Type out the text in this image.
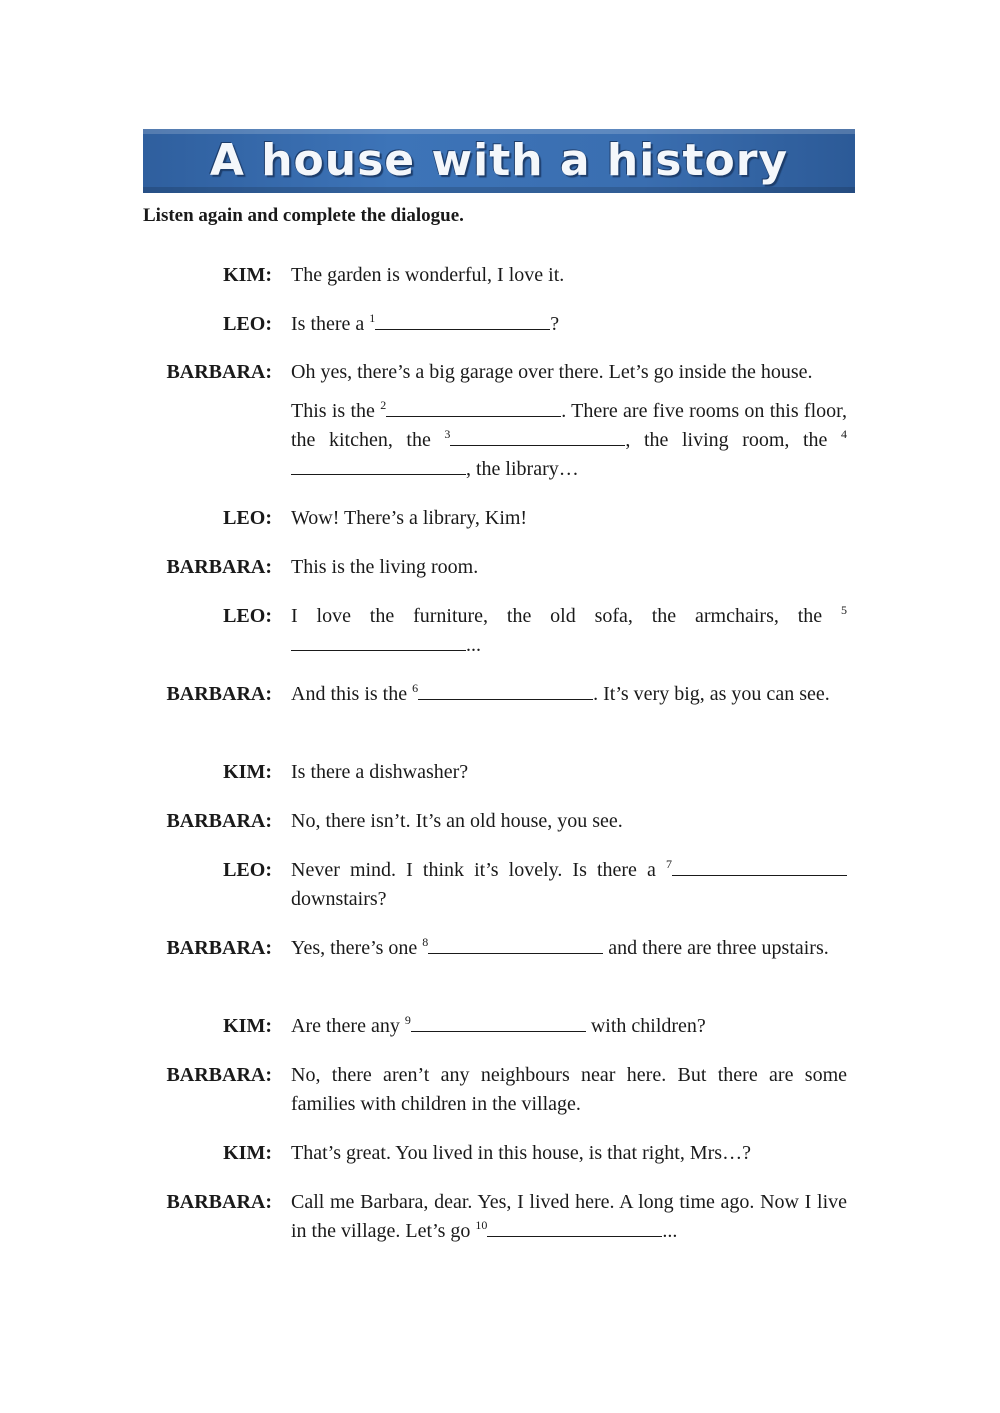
A house with a history
Listen again and complete the dialogue.
KIM: The garden is wonderful, I love it.
LEO: Is there a $^1$	?
BARBARA: Oh yes, there’s a big garage over there. Let’s go inside the house.
This is the $^2$	. There are five rooms on this floor, the kitchen, the $^3$	, the living room, the $^4$, the library…
LEO: Wow! There’s a library, Kim!
BARBARA: This is the living room.
LEO: I love the furniture, the old sofa, the armchairs, the $^5$...
BARBARA: And this is the $^6$	. It’s very big, as you can see.
KIM: Is there a dishwasher?
BARBARA: No, there isn’t. It’s an old house, you see.
LEO: Never mind. I think it’s lovely. Is there a $^7$ downstairs?
BARBARA: Yes, there’s one $^8$	and there are three upstairs.
KIM: Are there any $^9$	with children?
BARBARA: No, there aren’t any neighbours near here. But there are some families with children in the village.
KIM: That’s great. You lived in this house, is that right, Mrs…?
BARBARA: Call me Barbara, dear. Yes, I lived here. A long time ago. Now I live in the village. Let’s go $^{10}$	...
